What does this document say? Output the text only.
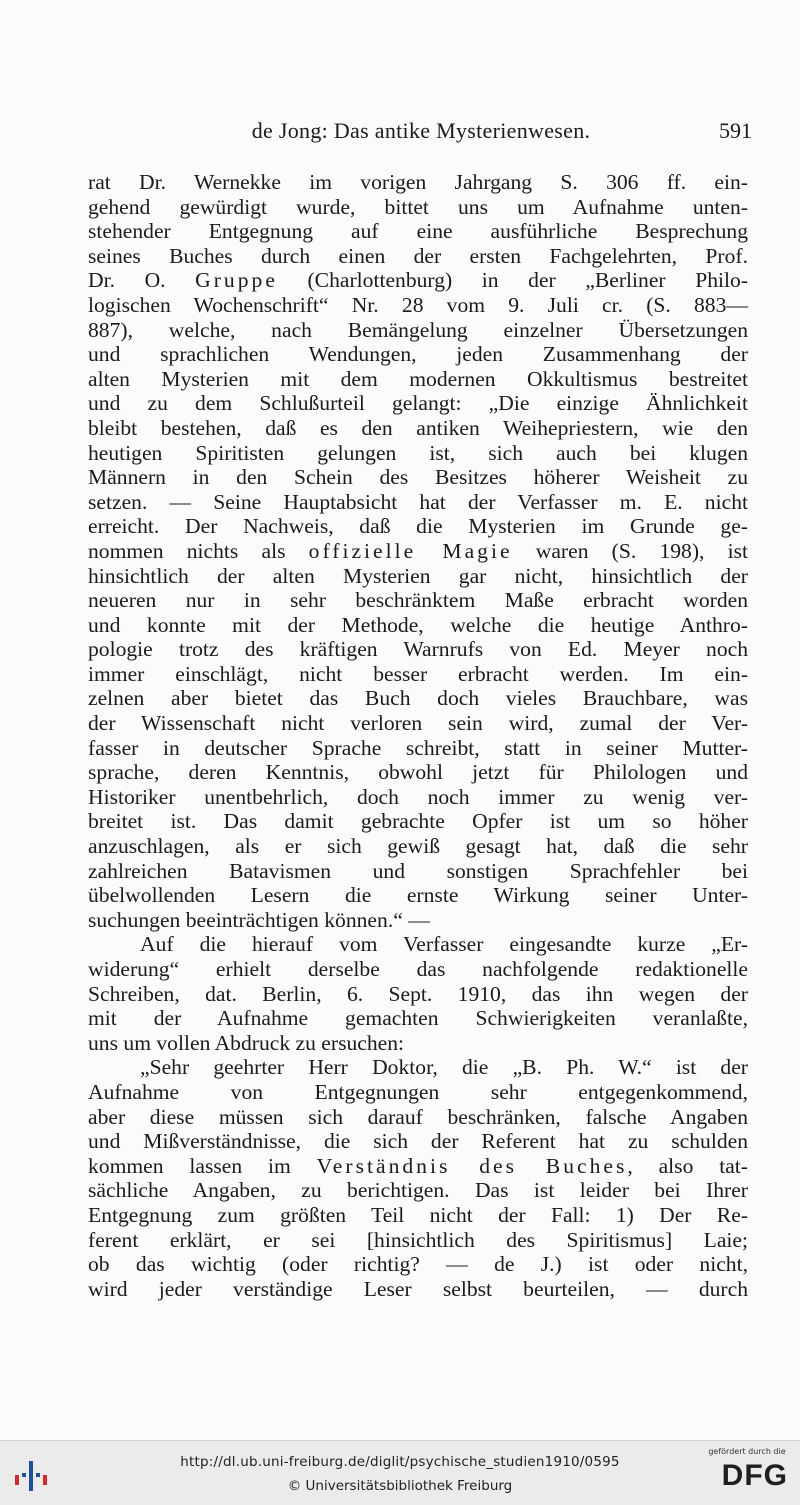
de Jong: Das antike Mysterienwesen.	591
rat Dr. Wernekke im vorigen Jahrgang S. 306 ff. ein-
gehend gewürdigt wurde, bittet uns um Aufnahme unten-
stehender Entgegnung auf eine ausführliche Besprechung
seines Buches durch einen der ersten Fachgelehrten, Prof.
Dr. O. Gruppe (Charlottenburg) in der „Berliner Philo-
logischen Wochenschrift“ Nr. 28 vom 9. Juli cr. (S. 883—
887), welche, nach Bemängelung einzelner Übersetzungen
und sprachlichen Wendungen, jeden Zusammenhang der
alten Mysterien mit dem modernen Okkultismus bestreitet
und zu dem Schlußurteil gelangt: „Die einzige Ähnlichkeit
bleibt bestehen, daß es den antiken Weihepriestern, wie den
heutigen Spiritisten gelungen ist, sich auch bei klugen
Männern in den Schein des Besitzes höherer Weisheit zu
setzen. — Seine Hauptabsicht hat der Verfasser m. E. nicht
erreicht. Der Nachweis, daß die Mysterien im Grunde ge-
nommen nichts als offizielle Magie waren (S. 198), ist
hinsichtlich der alten Mysterien gar nicht, hinsichtlich der
neueren nur in sehr beschränktem Maße erbracht worden
und konnte mit der Methode, welche die heutige Anthro-
pologie trotz des kräftigen Warnrufs von Ed. Meyer noch
immer einschlägt, nicht besser erbracht werden. Im ein-
zelnen aber bietet das Buch doch vieles Brauchbare, was
der Wissenschaft nicht verloren sein wird, zumal der Ver-
fasser in deutscher Sprache schreibt, statt in seiner Mutter-
sprache, deren Kenntnis, obwohl jetzt für Philologen und
Historiker unentbehrlich, doch noch immer zu wenig ver-
breitet ist. Das damit gebrachte Opfer ist um so höher
anzuschlagen, als er sich gewiß gesagt hat, daß die sehr
zahlreichen Batavismen und sonstigen Sprachfehler bei
übelwollenden Lesern die ernste Wirkung seiner Unter-
suchungen beeinträchtigen können.“ —
Auf die hierauf vom Verfasser eingesandte kurze „Er-
widerung“ erhielt derselbe das nachfolgende redaktionelle
Schreiben, dat. Berlin, 6. Sept. 1910, das ihn wegen der
mit der Aufnahme gemachten Schwierigkeiten veranlaßte,
uns um vollen Abdruck zu ersuchen:
„Sehr geehrter Herr Doktor, die „B. Ph. W.“ ist der
Aufnahme von Entgegnungen sehr entgegenkommend,
aber diese müssen sich darauf beschränken, falsche Angaben
und Mißverständnisse, die sich der Referent hat zu schulden
kommen lassen im Verständnis des Buches, also tat-
sächliche Angaben, zu berichtigen. Das ist leider bei Ihrer
Entgegnung zum größten Teil nicht der Fall: 1) Der Re-
ferent erklärt, er sei [hinsichtlich des Spiritismus] Laie;
ob das wichtig (oder richtig? — de J.) ist oder nicht,
wird jeder verständige Leser selbst beurteilen, — durch
http://dl.ub.uni-freiburg.de/diglit/psychische_studien1910/0595
© Universitätsbibliothek Freiburg
gefördert durch die
DFG
